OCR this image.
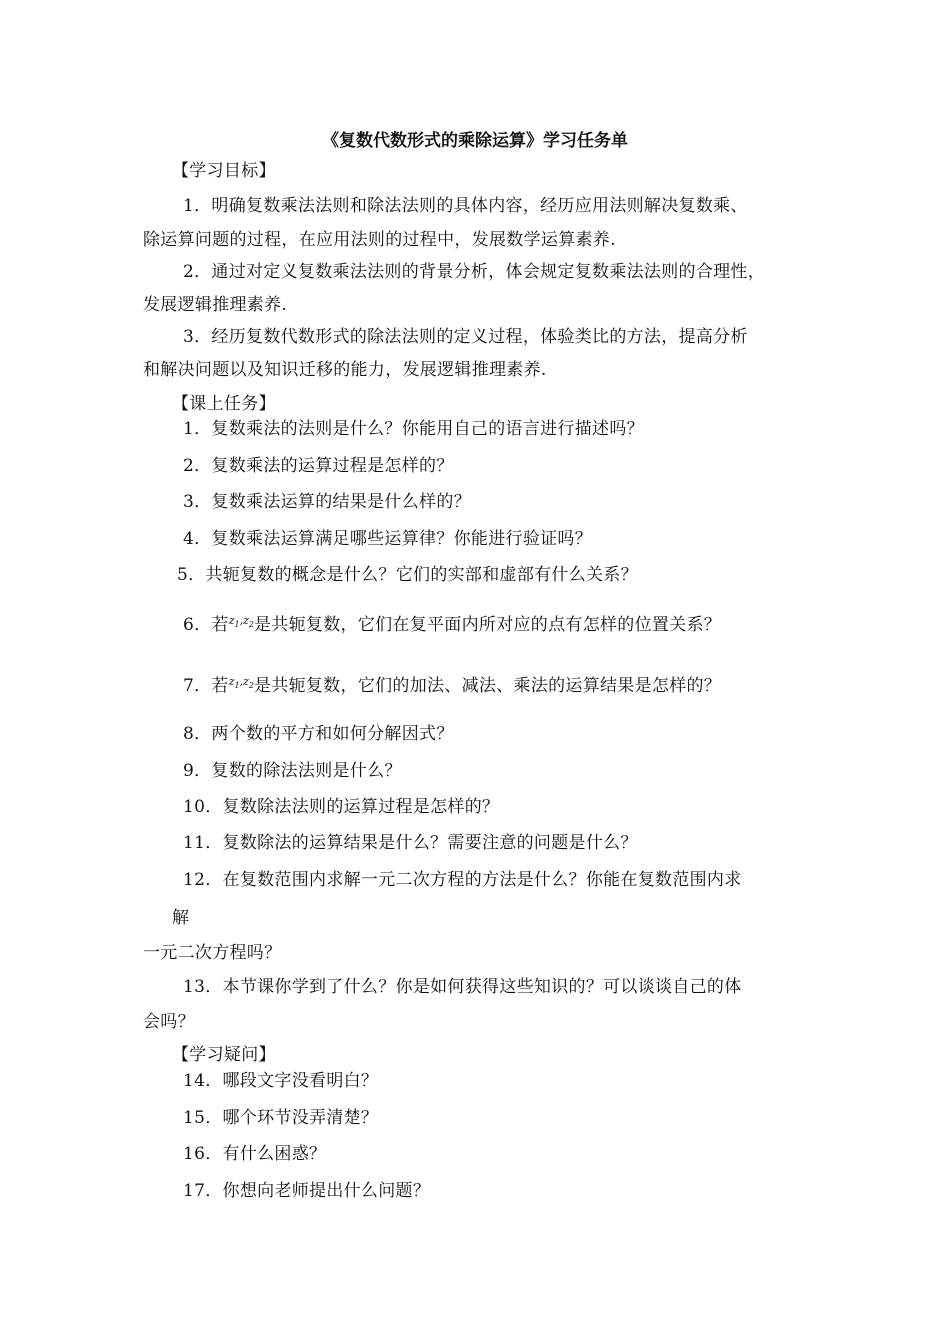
《复数代数形式的乘除运算》学习任务单
【学习目标】
1．明确复数乘法法则和除法法则的具体内容，经历应用法则解决复数乘、
除运算问题的过程，在应用法则的过程中，发展数学运算素养.
2．通过对定义复数乘法法则的背景分析，体会规定复数乘法法则的合理性，
发展逻辑推理素养.
3．经历复数代数形式的除法法则的定义过程，体验类比的方法，提高分析
和解决问题以及知识迁移的能力，发展逻辑推理素养.
【课上任务】
1．复数乘法的法则是什么？你能用自己的语言进行描述吗？
2．复数乘法的运算过程是怎样的？
3．复数乘法运算的结果是什么样的？
4．复数乘法运算满足哪些运算律？你能进行验证吗？
5．共轭复数的概念是什么？它们的实部和虚部有什么关系？
6．若$^{z_1,z_2}$是共轭复数，它们在复平面内所对应的点有怎样的位置关系？
7．若$^{z_1,z_2}$是共轭复数，它们的加法、减法、乘法的运算结果是怎样的？
8．两个数的平方和如何分解因式？
9．复数的除法法则是什么？
10．复数除法法则的运算过程是怎样的？
11．复数除法的运算结果是什么？需要注意的问题是什么？
12．在复数范围内求解一元二次方程的方法是什么？你能在复数范围内求
解
一元二次方程吗？
13．本节课你学到了什么？你是如何获得这些知识的？可以谈谈自己的体
会吗？
【学习疑问】
14．哪段文字没看明白？
15．哪个环节没弄清楚？
16．有什么困惑？
17．你想向老师提出什么问题？
